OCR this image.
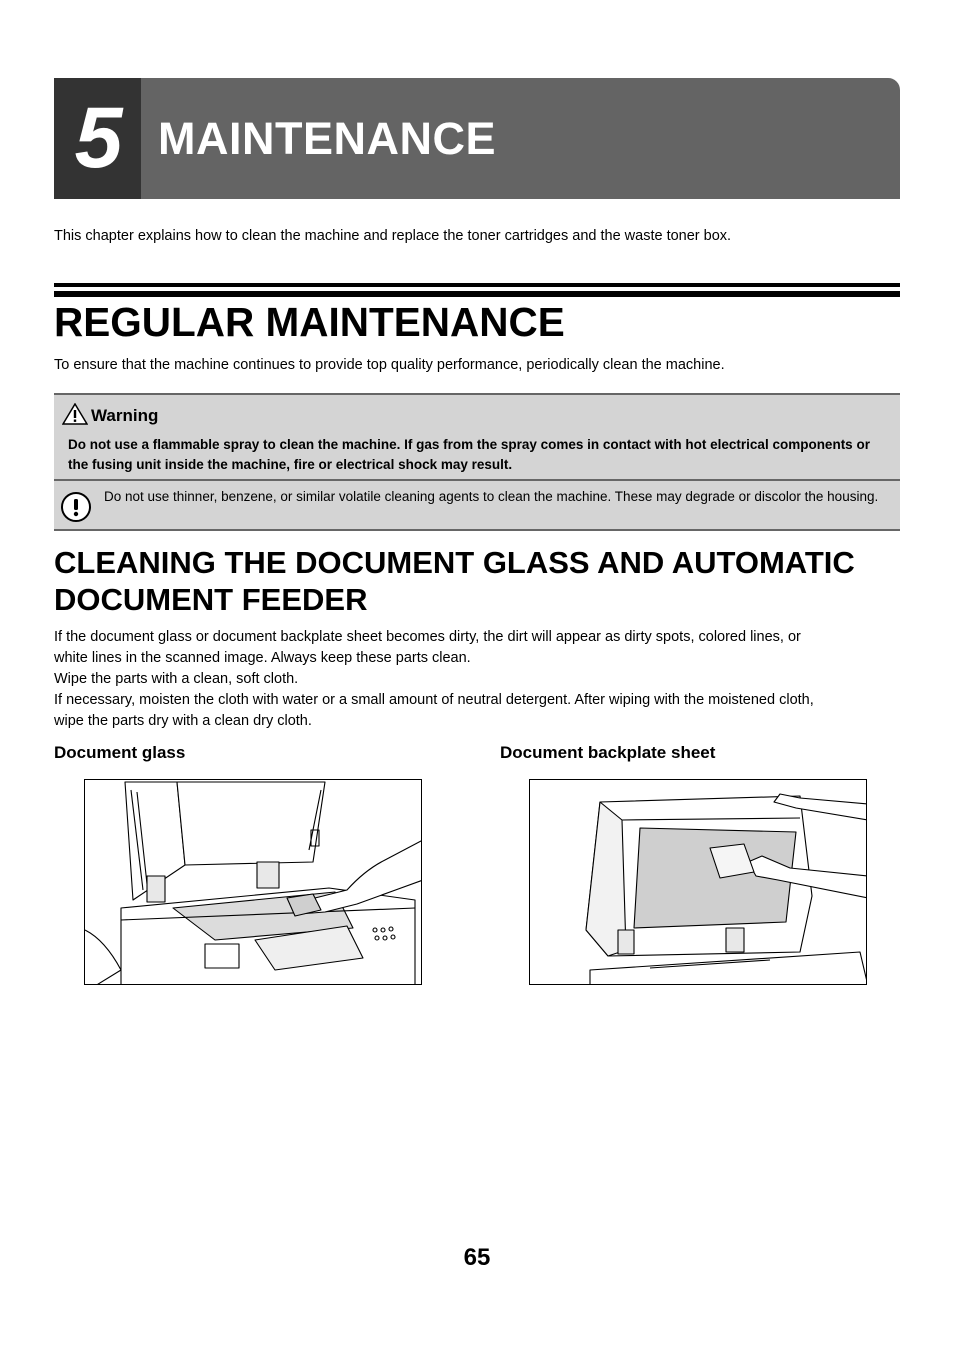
5 MAINTENANCE
This chapter explains how to clean the machine and replace the toner cartridges and the waste toner box.
REGULAR MAINTENANCE
To ensure that the machine continues to provide top quality performance, periodically clean the machine.
Warning
Do not use a flammable spray to clean the machine. If gas from the spray comes in contact with hot electrical components or the fusing unit inside the machine, fire or electrical shock may result.
Do not use thinner, benzene, or similar volatile cleaning agents to clean the machine. These may degrade or discolor the housing.
CLEANING THE DOCUMENT GLASS AND AUTOMATIC
DOCUMENT FEEDER
If the document glass or document backplate sheet becomes dirty, the dirt will appear as dirty spots, colored lines, or
white lines in the scanned image. Always keep these parts clean.
Wipe the parts with a clean, soft cloth.
If necessary, moisten the cloth with water or a small amount of neutral detergent. After wiping with the moistened cloth,
wipe the parts dry with a clean dry cloth.
Document glass	Document backplate sheet
65
